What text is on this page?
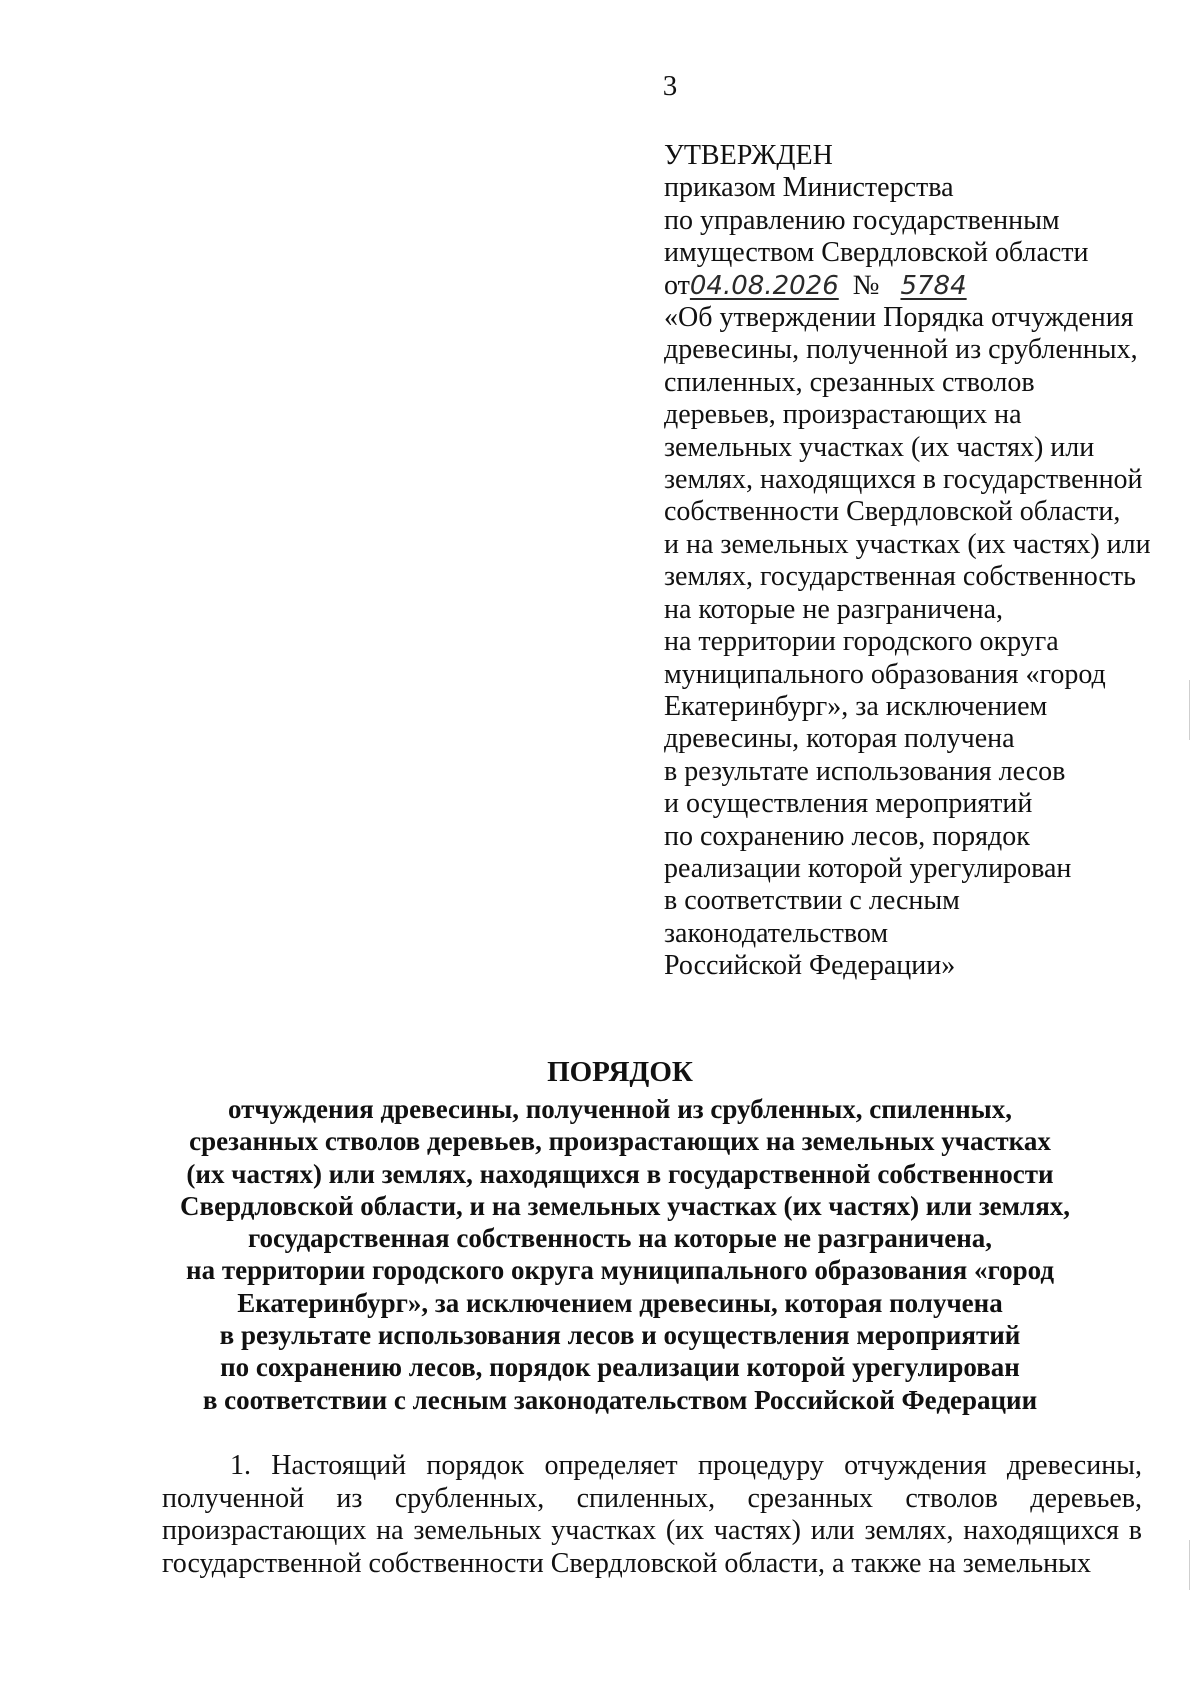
3
УТВЕРЖДЕН
приказом Министерства
по управлению государственным
имуществом Свердловской области
от04.08.2026 № 5784
«Об утверждении Порядка отчуждения
древесины, полученной из срубленных,
спиленных, срезанных стволов
деревьев, произрастающих на
земельных участках (их частях) или
землях, находящихся в государственной
собственности Свердловской области,
и на земельных участках (их частях) или
землях, государственная собственность
на которые не разграничена,
на территории городского округа
муниципального образования «город
Екатеринбург», за исключением
древесины, которая получена
в результате использования лесов
и осуществления мероприятий
по сохранению лесов, порядок
реализации которой урегулирован
в соответствии с лесным
законодательством
Российской Федерации»
ПОРЯДОК
отчуждения древесины, полученной из срубленных, спиленных,
срезанных стволов деревьев, произрастающих на земельных участках
(их частях) или землях, находящихся в государственной собственности
Свердловской области, и на земельных участках (их частях) или землях,
государственная собственность на которые не разграничена,
на территории городского округа муниципального образования «город
Екатеринбург», за исключением древесины, которая получена
в результате использования лесов и осуществления мероприятий
по сохранению лесов, порядок реализации которой урегулирован
в соответствии с лесным законодательством Российской Федерации
1. Настоящий порядок определяет процедуру отчуждения древесины, полученной из срубленных, спиленных, срезанных стволов деревьев, произрастающих на земельных участках (их частях) или землях, находящихся в государственной собственности Свердловской области, а также на земельных
